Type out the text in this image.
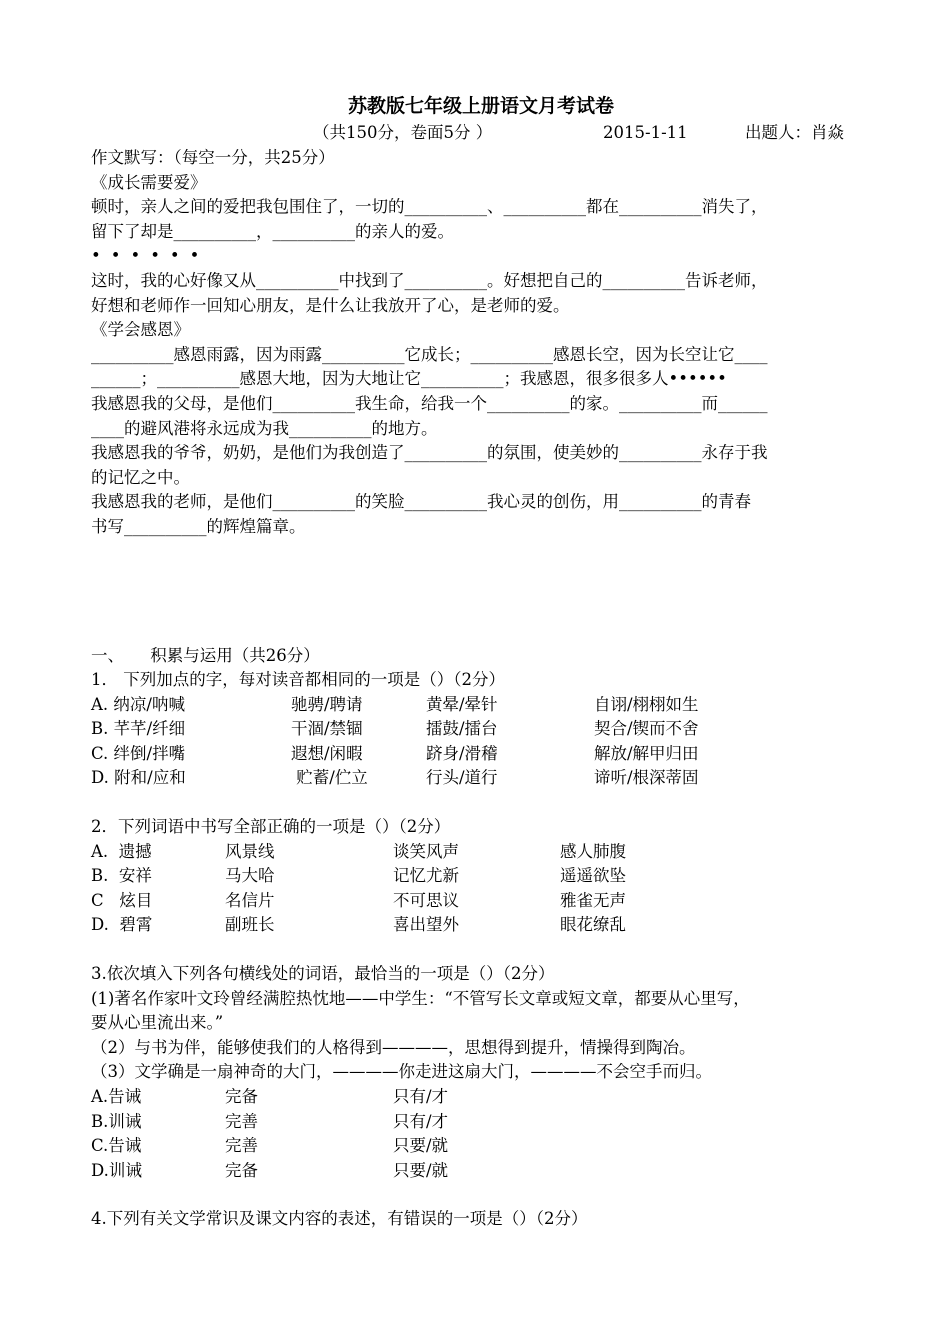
苏教版七年级上册语文月考试卷
（共150分，卷面5分 ）	2015-1-11	出题人：肖焱
作文默写：（每空一分，共25分）
《成长需要爱》
顿时，亲人之间的爱把我包围住了，一切的__________、__________都在__________消失了，
留下了却是__________，__________的亲人的爱。
••••••
这时，我的心好像又从__________中找到了__________。好想把自己的__________告诉老师，
好想和老师作一回知心朋友，是什么让我放开了心，是老师的爱。
《学会感恩》
__________感恩雨露，因为雨露__________它成长；__________感恩长空，因为长空让它____
______；__________感恩大地，因为大地让它__________；我感恩，很多很多人••••••
我感恩我的父母，是他们__________我生命，给我一个__________的家。__________而______
____的避风港将永远成为我__________的地方。
我感恩我的爷爷，奶奶，是他们为我创造了__________的氛围，使美妙的__________永存于我
的记忆之中。
我感恩我的老师，是他们__________的笑脸__________我心灵的创伤，用__________的青春
书写__________的辉煌篇章。
一、     积累与运用（共26分）
1． 下列加点的字，每对读音都相同的一项是（）（2分）
A. 纳凉/呐喊	驰骋/聘请	黄晕/晕针	自诩/栩栩如生
B. 芊芊/纤细	干涸/禁锢	擂鼓/擂台	契合/锲而不舍
C. 绊倒/拌嘴	遐想/闲暇	跻身/滑稽	解放/解甲归田
D. 附和/应和	贮蓄/伫立	行头/道行	谛听/根深蒂固
2．下列词语中书写全部正确的一项是（）（2分）
A.  遗撼	风景线	谈笑风声	感人肺腹
B.  安祥	马大哈	记忆尤新	遥遥欲坠
C   炫目	名信片	不可思议	雅雀无声
D.  碧霄	副班长	喜出望外	眼花缭乱
3.依次填入下列各句横线处的词语，最恰当的一项是（）（2分）
(1)著名作家叶文玲曾经满腔热忱地——中学生：“不管写长文章或短文章，都要从心里写，
要从心里流出来。”
（2）与书为伴，能够使我们的人格得到————，思想得到提升，情操得到陶冶。
（3）文学确是一扇神奇的大门，————你走进这扇大门，————不会空手而归。
A.告诫	完备	只有/才
B.训诫	完善	只有/才
C.告诫	完善	只要/就
D.训诫	完备	只要/就
4.下列有关文学常识及课文内容的表述，有错误的一项是（）（2分）
